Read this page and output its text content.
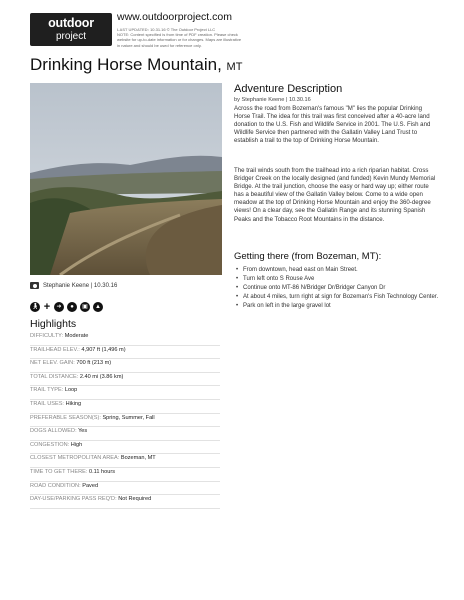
outdoor
project
www.outdoorproject.com
LAST UPDATED: 10.31.16 © The Outdoor Project LLC
NOTE: Content specified is from time of PDF creation. Please check
website for up-to-date information or for changes. Maps are illustrative
in nature and should be used for reference only.
Drinking Horse Mountain, MT
Stephanie Keene | 10.30.16
🚶︎ +	➜	●	▣	▲
Highlights
DIFFICULTY: Moderate
TRAILHEAD ELEV.: 4,907 ft (1,496 m)
NET ELEV. GAIN: 700 ft (213 m)
TOTAL DISTANCE: 2.40 mi (3.86 km)
TRAIL TYPE: Loop
TRAIL USES: Hiking
PREFERABLE SEASON(S): Spring, Summer, Fall
DOGS ALLOWED: Yes
CONGESTION: High
CLOSEST METROPOLITAN AREA: Bozeman, MT
TIME TO GET THERE: 0.11 hours
ROAD CONDITION: Paved
DAY-USE/PARKING PASS REQ'D: Not Required
Adventure Description
by Stephanie Keene | 10.30.16
Across the road from Bozeman's famous "M" lies the popular Drinking Horse Trail. The idea for this trail was first conceived after a 40-acre land donation to the U.S. Fish and Wildlife Service in 2001. The U.S. Fish and Wildlife Service then partnered with the Gallatin Valley Land Trust to establish a trail to the top of Drinking Horse Mountain.
The trail winds south from the trailhead into a rich riparian habitat. Cross Bridger Creek on the locally designed (and funded) Kevin Mundy Memorial Bridge. At the trail junction, choose the easy or hard way up; either route has a beautiful view of the Gallatin Valley below. Come to a wide open meadow at the top of Drinking Horse Mountain and enjoy the 360-degree views! On a clear day, see the Gallatin Range and its stunning Spanish Peaks and the Tobacco Root Mountains in the distance.
Getting there (from Bozeman, MT):
• From downtown, head east on Main Street.
• Turn left onto S Rouse Ave
• Continue onto MT-86 N/Bridger Dr/Bridger Canyon Dr
• At about 4 miles, turn right at sign for Bozeman's Fish Technology Center.
• Park on left in the large gravel lot
